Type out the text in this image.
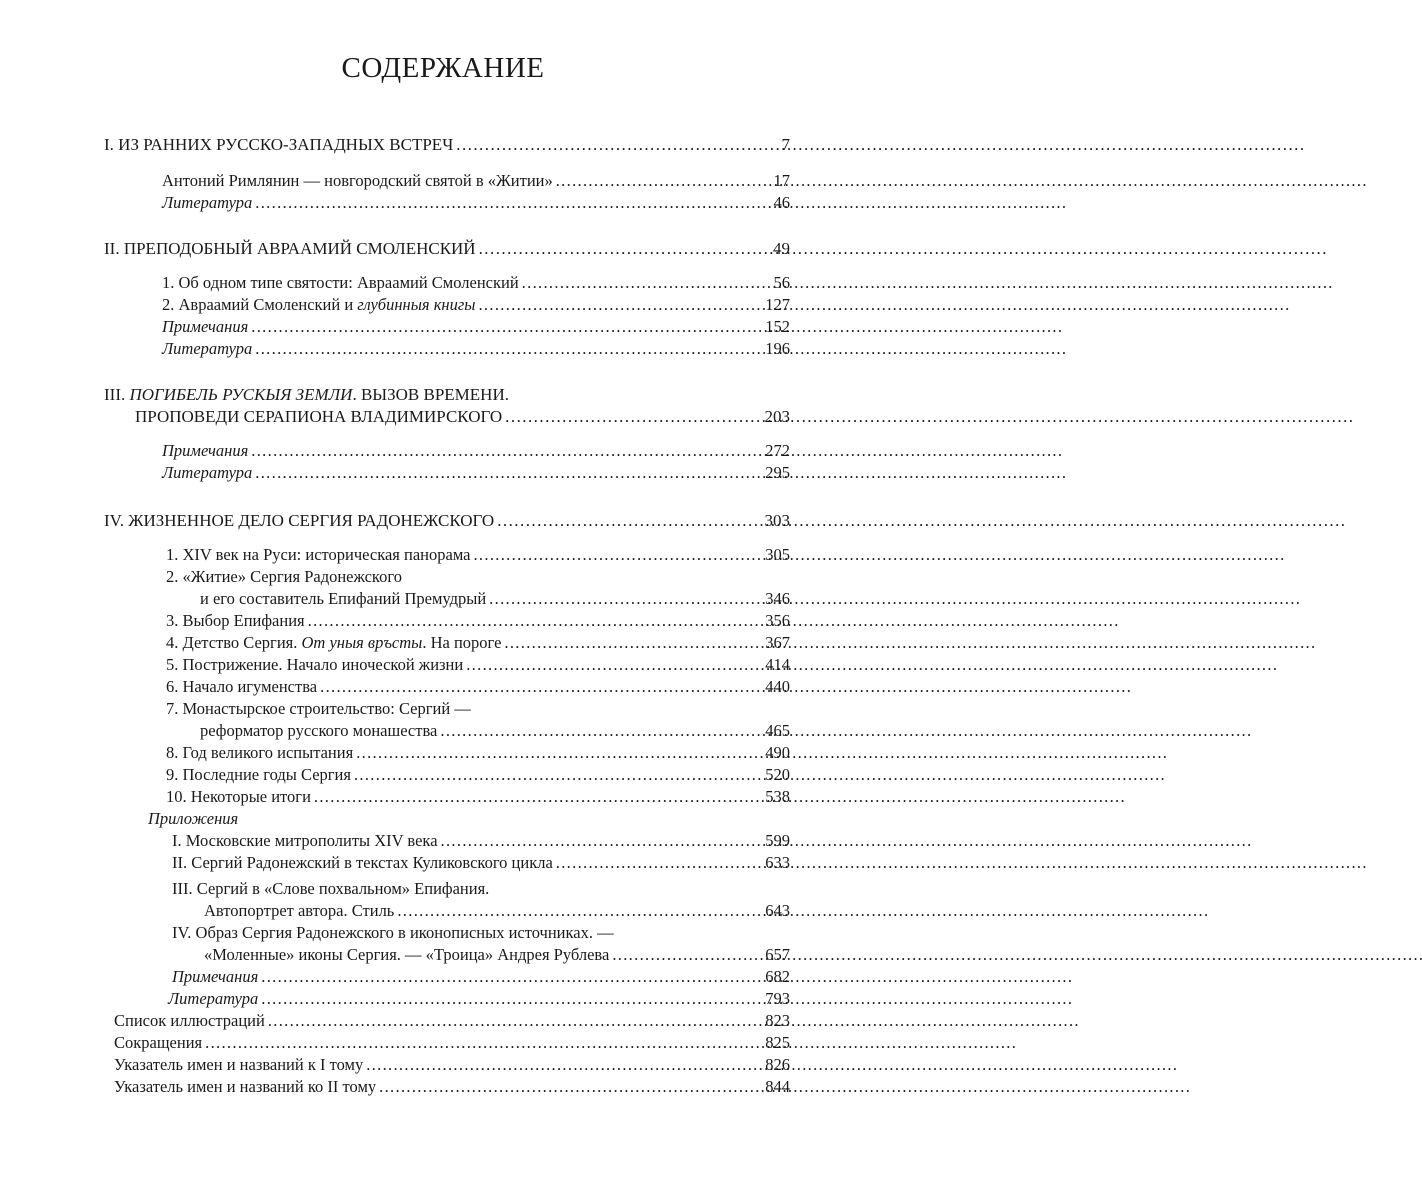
СОДЕРЖАНИЕ
I. ИЗ РАННИХ РУССКО-ЗАПАДНЫХ ВСТРЕЧ . . .	7
Антоний Римлянин — новгородский святой в «Житии» . . .	17
Литература . . .	46
II. ПРЕПОДОБНЫЙ АВРААМИЙ СМОЛЕНСКИЙ . . .	49
1. Об одном типе святости: Авраамий Смоленский . . .	56
2. Авраамий Смоленский и глубинныя книгы . . .	127
Примечания . . .	152
Литература . . .	196
III. ПОГИБЕЛЬ РУСКЫЯ ЗЕМЛИ. ВЫЗОВ ВРЕМЕНИ.
ПРОПОВЕДИ СЕРАПИОНА ВЛАДИМИРСКОГО . . .	203
Примечания . . .	272
Литература . . .	295
IV. ЖИЗНЕННОЕ ДЕЛО СЕРГИЯ РАДОНЕЖСКОГО . . .	303
1. XIV век на Руси: историческая панорама . . .	305
2. «Житие» Сергия Радонежского
и его составитель Епифаний Премудрый . . .	346
3. Выбор Епифания . . .	356
4. Детство Сергия. От уныя връсты. На пороге . . .	367
5. Пострижение. Начало иноческой жизни . . .	414
6. Начало игуменства . . .	440
7. Монастырское строительство: Сергий —
реформатор русского монашества . . .	465
8. Год великого испытания . . .	490
9. Последние годы Сергия . . .	520
10. Некоторые итоги . . .	538
Приложения
I. Московские митрополиты XIV века . . .	599
II. Сергий Радонежский в текстах Куликовского цикла . . .	633
III. Сергий в «Слове похвальном» Епифания.
Автопортрет автора. Стиль . . .	643
IV. Образ Сергия Радонежского в иконописных источниках. —
«Моленные» иконы Сергия. — «Троица» Андрея Рублева . . .	657
Примечания . . .	682
Литература . . .	793
Список иллюстраций . . .	823
Сокращения . . .	825
Указатель имен и названий к I тому . . .	826
Указатель имен и названий ко II тому . . .	844
